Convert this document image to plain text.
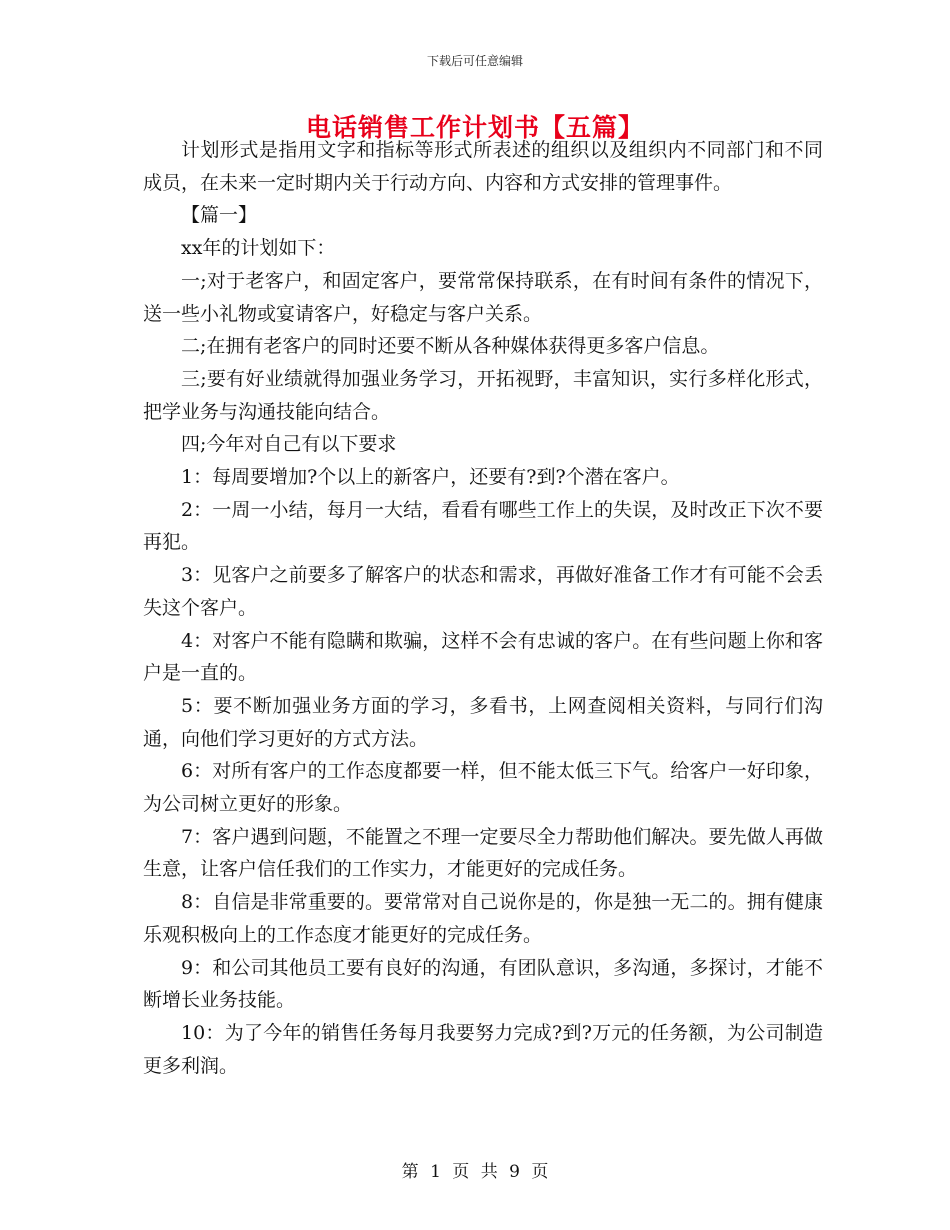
下载后可任意编辑
电话销售工作计划书【五篇】

计划形式是指用文字和指标等形式所表述的组织以及组织内不同部门和不同成员，在未来一定时期内关于行动方向、内容和方式安排的管理事件。

【篇一】

xx年的计划如下：

一;对于老客户，和固定客户，要常常保持联系，在有时间有条件的情况下，送一些小礼物或宴请客户，好稳定与客户关系。

二;在拥有老客户的同时还要不断从各种媒体获得更多客户信息。

三;要有好业绩就得加强业务学习，开拓视野，丰富知识，实行多样化形式，把学业务与沟通技能向结合。

四;今年对自己有以下要求

1：每周要增加?个以上的新客户，还要有?到?个潜在客户。

2：一周一小结，每月一大结，看看有哪些工作上的失误，及时改正下次不要再犯。

3：见客户之前要多了解客户的状态和需求，再做好准备工作才有可能不会丢失这个客户。

4：对客户不能有隐瞒和欺骗，这样不会有忠诚的客户。在有些问题上你和客户是一直的。

5：要不断加强业务方面的学习，多看书，上网查阅相关资料，与同行们沟通，向他们学习更好的方式方法。

6：对所有客户的工作态度都要一样，但不能太低三下气。给客户一好印象，为公司树立更好的形象。

7：客户遇到问题，不能置之不理一定要尽全力帮助他们解决。要先做人再做生意，让客户信任我们的工作实力，才能更好的完成任务。

8：自信是非常重要的。要常常对自己说你是的，你是独一无二的。拥有健康乐观积极向上的工作态度才能更好的完成任务。

9：和公司其他员工要有良好的沟通，有团队意识，多沟通，多探讨，才能不断增长业务技能。

10：为了今年的销售任务每月我要努力完成?到?万元的任务额，为公司制造更多利润。

第 1 页 共 9 页
